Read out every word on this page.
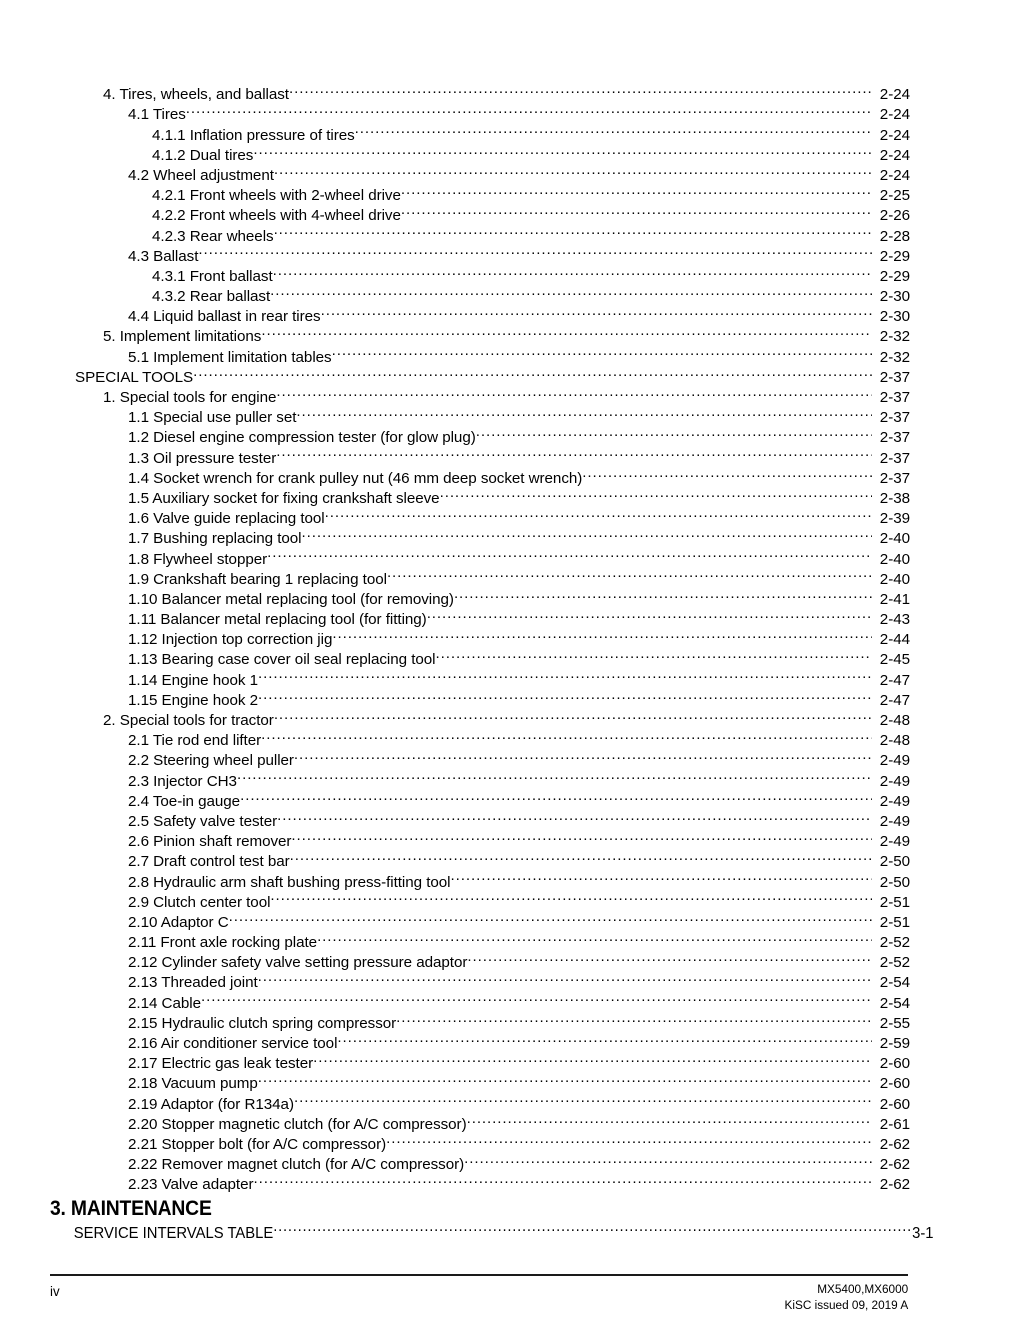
4. Tires, wheels, and ballast .....	2-24
4.1 Tires .....	2-24
4.1.1 Inflation pressure of tires .....	2-24
4.1.2 Dual tires .....	2-24
4.2 Wheel adjustment .....	2-24
4.2.1 Front wheels with 2-wheel drive .....	2-25
4.2.2 Front wheels with 4-wheel drive .....	2-26
4.2.3 Rear wheels .....	2-28
4.3 Ballast .....	2-29
4.3.1 Front ballast .....	2-29
4.3.2 Rear ballast .....	2-30
4.4 Liquid ballast in rear tires .....	2-30
5. Implement limitations .....	2-32
5.1 Implement limitation tables .....	2-32
SPECIAL TOOLS .....	2-37
1. Special tools for engine .....	2-37
1.1 Special use puller set .....	2-37
1.2 Diesel engine compression tester (for glow plug) .....	2-37
1.3 Oil pressure tester .....	2-37
1.4 Socket wrench for crank pulley nut (46 mm deep socket wrench) .....	2-37
1.5 Auxiliary socket for fixing crankshaft sleeve .....	2-38
1.6 Valve guide replacing tool .....	2-39
1.7 Bushing replacing tool .....	2-40
1.8 Flywheel stopper .....	2-40
1.9 Crankshaft bearing 1 replacing tool .....	2-40
1.10 Balancer metal replacing tool (for removing) .....	2-41
1.11 Balancer metal replacing tool (for fitting) .....	2-43
1.12 Injection top correction jig .....	2-44
1.13 Bearing case cover oil seal replacing tool .....	2-45
1.14 Engine hook 1 .....	2-47
1.15 Engine hook 2 .....	2-47
2. Special tools for tractor .....	2-48
2.1 Tie rod end lifter .....	2-48
2.2 Steering wheel puller .....	2-49
2.3 Injector CH3 .....	2-49
2.4 Toe-in gauge .....	2-49
2.5 Safety valve tester .....	2-49
2.6 Pinion shaft remover .....	2-49
2.7 Draft control test bar .....	2-50
2.8 Hydraulic arm shaft bushing press-fitting tool .....	2-50
2.9 Clutch center tool .....	2-51
2.10 Adaptor C .....	2-51
2.11 Front axle rocking plate .....	2-52
2.12 Cylinder safety valve setting pressure adaptor .....	2-52
2.13 Threaded joint .....	2-54
2.14 Cable .....	2-54
2.15 Hydraulic clutch spring compressor .....	2-55
2.16 Air conditioner service tool .....	2-59
2.17 Electric gas leak tester .....	2-60
2.18 Vacuum pump .....	2-60
2.19 Adaptor (for R134a) .....	2-60
2.20 Stopper magnetic clutch (for A/C compressor) .....	2-61
2.21 Stopper bolt (for A/C compressor) .....	2-62
2.22 Remover magnet clutch (for A/C compressor) .....	2-62
2.23 Valve adapter .....	2-62
3. MAINTENANCE
SERVICE INTERVALS TABLE .....	3-1
iv	MX5400,MX6000
KiSC issued 09, 2019 A
